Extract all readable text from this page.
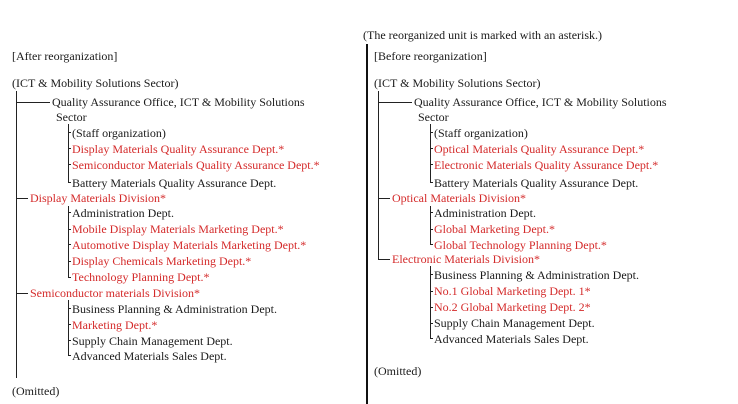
(The reorganized unit is marked with an asterisk.)
[After reorganization]
(ICT & Mobility Solutions Sector)
Quality Assurance Office, ICT & Mobility Solutions
Sector
(Staff organization)
Display Materials Quality Assurance Dept.*
Semiconductor Materials Quality Assurance Dept.*
Battery Materials Quality Assurance Dept.
Display Materials Division*
Administration Dept.
Mobile Display Materials Marketing Dept.*
Automotive Display Materials Marketing Dept.*
Display Chemicals Marketing Dept.*
Technology Planning Dept.*
Semiconductor materials Division*
Business Planning & Administration Dept.
Marketing Dept.*
Supply Chain Management Dept.
Advanced Materials Sales Dept.
(Omitted)
[Before reorganization]
(ICT & Mobility Solutions Sector)
Quality Assurance Office, ICT & Mobility Solutions
Sector
(Staff organization)
Optical Materials Quality Assurance Dept.*
Electronic Materials Quality Assurance Dept.*
Battery Materials Quality Assurance Dept.
Optical Materials Division*
Administration Dept.
Global Marketing Dept.*
Global Technology Planning Dept.*
Electronic Materials Division*
Business Planning & Administration Dept.
No.1 Global Marketing Dept. 1*
No.2 Global Marketing Dept. 2*
Supply Chain Management Dept.
Advanced Materials Sales Dept.
(Omitted)
